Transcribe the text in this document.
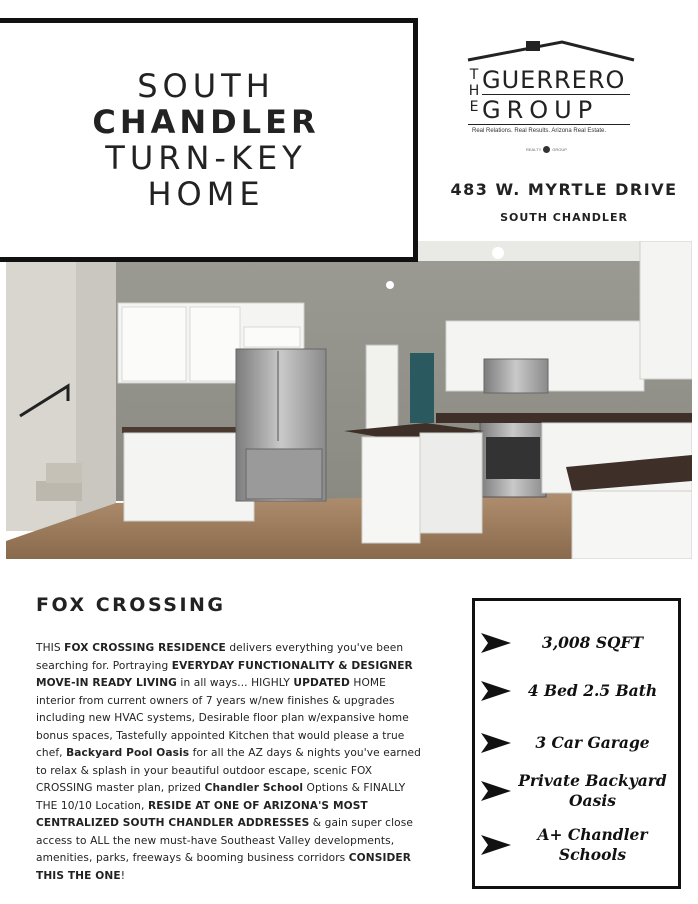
SOUTH
CHANDLER
TURN-KEY
HOME
T
H
E
GUERRERO
GROUP
Real Relations. Real Results. Arizona Real Estate.
REALTY	GROUP
483 W. MYRTLE DRIVE
SOUTH CHANDLER
FOX CROSSING
THIS FOX CROSSING RESIDENCE delivers everything you've been searching for. Portraying EVERYDAY FUNCTIONALITY & DESIGNER MOVE-IN READY LIVING in all ways... HIGHLY UPDATED HOME interior from current owners of 7 years w/new finishes & upgrades including new HVAC systems, Desirable floor plan w/expansive home bonus spaces, Tastefully appointed Kitchen that would please a true chef, Backyard Pool Oasis for all the AZ days & nights you've earned to relax & splash in your beautiful outdoor escape, scenic FOX CROSSING master plan, prized Chandler School Options & FINALLY THE 10/10 Location, RESIDE AT ONE OF ARIZONA'S MOST CENTRALIZED SOUTH CHANDLER ADDRESSES & gain super close access to ALL the new must-have Southeast Valley developments, amenities, parks, freeways & booming business corridors CONSIDER THIS THE ONE!
3,008 SQFT
4 Bed 2.5 Bath
3 Car Garage
Private Backyard Oasis
A+ Chandler Schools
